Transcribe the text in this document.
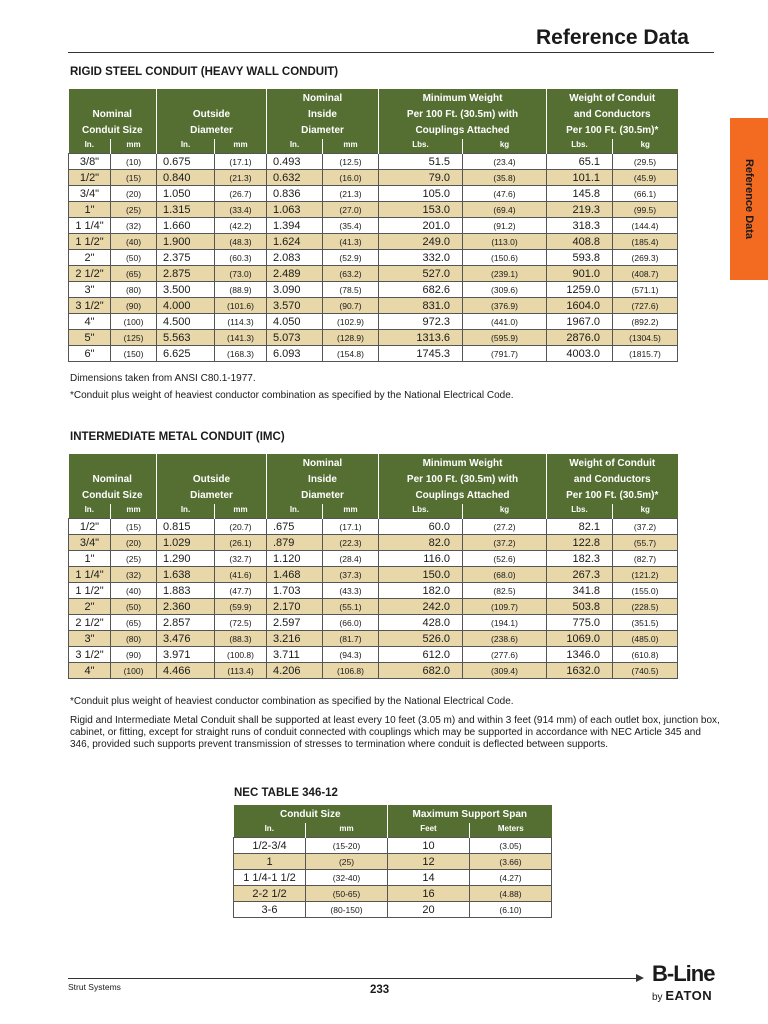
Reference Data
Reference Data
RIGID STEEL CONDUIT (HEAVY WALL CONDUIT)
Nominal
Conduit Size		Outside
Diameter		Nominal
Inside
Diameter		Minimum Weight
Per 100 Ft. (30.5m) with
Couplings Attached		Weight of Conduit
and Conductors
Per 100 Ft. (30.5m)*	

In.	mm	In.	mm	In.	mm	Lbs.	kg	Lbs.	kg
3/8"	(10)	0.675	(17.1)	0.493	(12.5)	51.5	(23.4)	65.1	(29.5)
1/2"	(15)	0.840	(21.3)	0.632	(16.0)	79.0	(35.8)	101.1	(45.9)
3/4"	(20)	1.050	(26.7)	0.836	(21.3)	105.0	(47.6)	145.8	(66.1)
1"	(25)	1.315	(33.4)	1.063	(27.0)	153.0	(69.4)	219.3	(99.5)
1 1/4"	(32)	1.660	(42.2)	1.394	(35.4)	201.0	(91.2)	318.3	(144.4)
1 1/2"	(40)	1.900	(48.3)	1.624	(41.3)	249.0	(113.0)	408.8	(185.4)
2"	(50)	2.375	(60.3)	2.083	(52.9)	332.0	(150.6)	593.8	(269.3)
2 1/2"	(65)	2.875	(73.0)	2.489	(63.2)	527.0	(239.1)	901.0	(408.7)
3"	(80)	3.500	(88.9)	3.090	(78.5)	682.6	(309.6)	1259.0	(571.1)
3 1/2"	(90)	4.000	(101.6)	3.570	(90.7)	831.0	(376.9)	1604.0	(727.6)
4"	(100)	4.500	(114.3)	4.050	(102.9)	972.3	(441.0)	1967.0	(892.2)
5"	(125)	5.563	(141.3)	5.073	(128.9)	1313.6	(595.9)	2876.0	(1304.5)
6"	(150)	6.625	(168.3)	6.093	(154.8)	1745.3	(791.7)	4003.0	(1815.7)
Dimensions taken from ANSI C80.1-1977.
*Conduit plus weight of heaviest conductor combination as specified by the National Electrical Code.
INTERMEDIATE METAL CONDUIT (IMC)
Nominal
Conduit Size		Outside
Diameter		Nominal
Inside
Diameter		Minimum Weight
Per 100 Ft. (30.5m) with
Couplings Attached		Weight of Conduit
and Conductors
Per 100 Ft. (30.5m)*	

In.	mm	In.	mm	In.	mm	Lbs.	kg	Lbs.	kg
1/2"	(15)	0.815	(20.7)	.675	(17.1)	60.0	(27.2)	82.1	(37.2)
3/4"	(20)	1.029	(26.1)	.879	(22.3)	82.0	(37.2)	122.8	(55.7)
1"	(25)	1.290	(32.7)	1.120	(28.4)	116.0	(52.6)	182.3	(82.7)
1 1/4"	(32)	1.638	(41.6)	1.468	(37.3)	150.0	(68.0)	267.3	(121.2)
1 1/2"	(40)	1.883	(47.7)	1.703	(43.3)	182.0	(82.5)	341.8	(155.0)
2"	(50)	2.360	(59.9)	2.170	(55.1)	242.0	(109.7)	503.8	(228.5)
2 1/2"	(65)	2.857	(72.5)	2.597	(66.0)	428.0	(194.1)	775.0	(351.5)
3"	(80)	3.476	(88.3)	3.216	(81.7)	526.0	(238.6)	1069.0	(485.0)
3 1/2"	(90)	3.971	(100.8)	3.711	(94.3)	612.0	(277.6)	1346.0	(610.8)
4"	(100)	4.466	(113.4)	4.206	(106.8)	682.0	(309.4)	1632.0	(740.5)
*Conduit plus weight of heaviest conductor combination as specified by the National Electrical Code.
Rigid and Intermediate Metal Conduit shall be supported at least every 10 feet (3.05 m) and within 3 feet (914 mm) of each outlet box, junction box, cabinet, or fitting, except for straight runs of conduit connected with couplings which may be supported in accordance with NEC Article 345 and 346, provided such supports prevent transmission of stresses to termination where conduit is deflected between supports.
NEC TABLE 346-12
Conduit Size		Maximum Support Span	
In.	mm	Feet	Meters
1/2-3/4	(15-20)	10	(3.05)
1	(25)	12	(3.66)
1 1/4-1 1/2	(32-40)	14	(4.27)
2-2 1/2	(50-65)	16	(4.88)
3-6	(80-150)	20	(6.10)
Strut Systems	233
B-Line
by EATON
